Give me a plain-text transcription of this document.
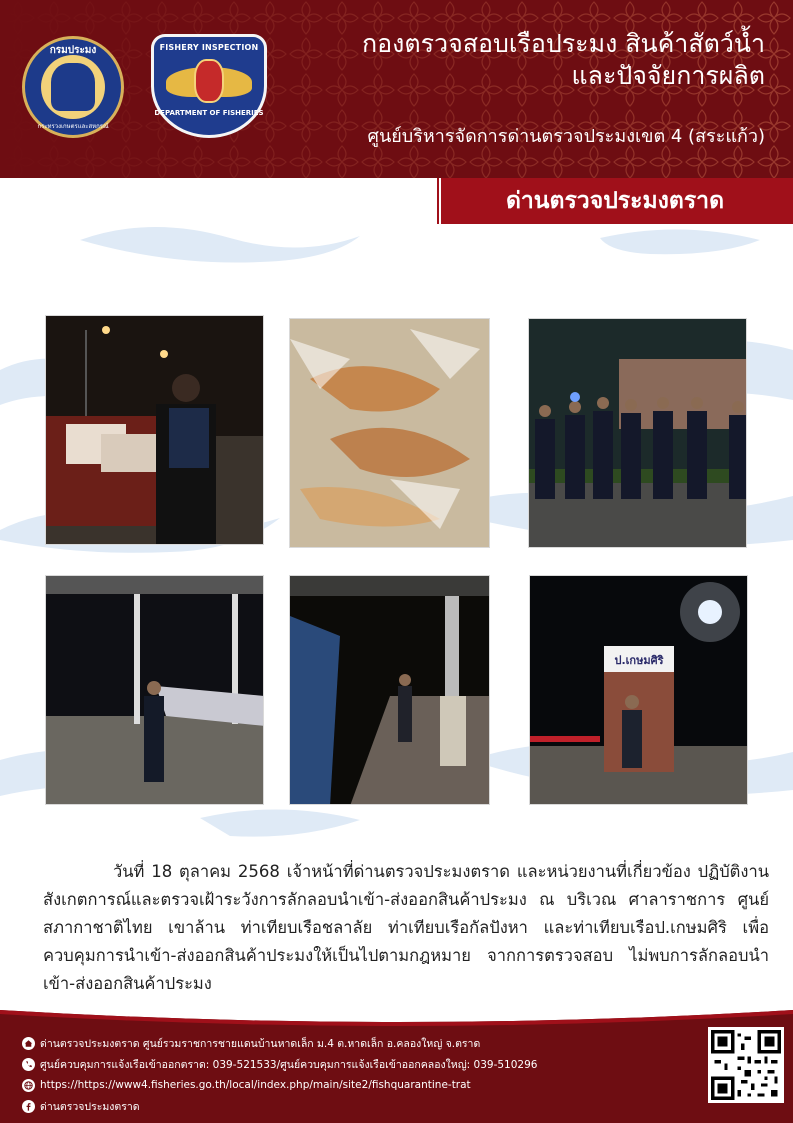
กรมประมง
กระทรวงเกษตรและสหกรณ์
FISHERY INSPECTION
DEPARTMENT OF FISHERIES
กองตรวจสอบเรือประมง สินค้าสัตว์น้ำ
และปัจจัยการผลิต
ศูนย์บริหารจัดการด่านตรวจประมงเขต 4 (สระแก้ว)
ด่านตรวจประมงตราด
ป.เกษมศิริ
วันที่ 18 ตุลาคม 2568 เจ้าหน้าที่ด่านตรวจประมงตราด และหน่วยงานที่เกี่ยวข้อง ปฏิบัติงานสังเกตการณ์และตรวจเฝ้าระวังการลักลอบนำเข้า-ส่งออกสินค้าประมง ณ บริเวณ ศาลาราชการ ศูนย์สภากาชาติไทย เขาล้าน ท่าเทียบเรือชลาลัย ท่าเทียบเรือกัลปังหา และท่าเทียบเรือป.เกษมศิริ เพื่อควบคุมการนำเข้า-ส่งออกสินค้าประมงให้เป็นไปตามกฎหมาย จากการตรวจสอบ ไม่พบการลักลอบนำเข้า-ส่งออกสินค้าประมง
ด่านตรวจประมงตราด ศูนย์รวมราชการชายแดนบ้านหาดเล็ก ม.4 ต.หาดเล็ก อ.คลองใหญ่ จ.ตราด
ศูนย์ควบคุมการแจ้งเรือเข้าออกตราด: 039-521533/ศูนย์ควบคุมการแจ้งเรือเข้าออกคลองใหญ่: 039-510296
https://https://www4.fisheries.go.th/local/index.php/main/site2/fishquarantine-trat
ด่านตรวจประมงตราด
